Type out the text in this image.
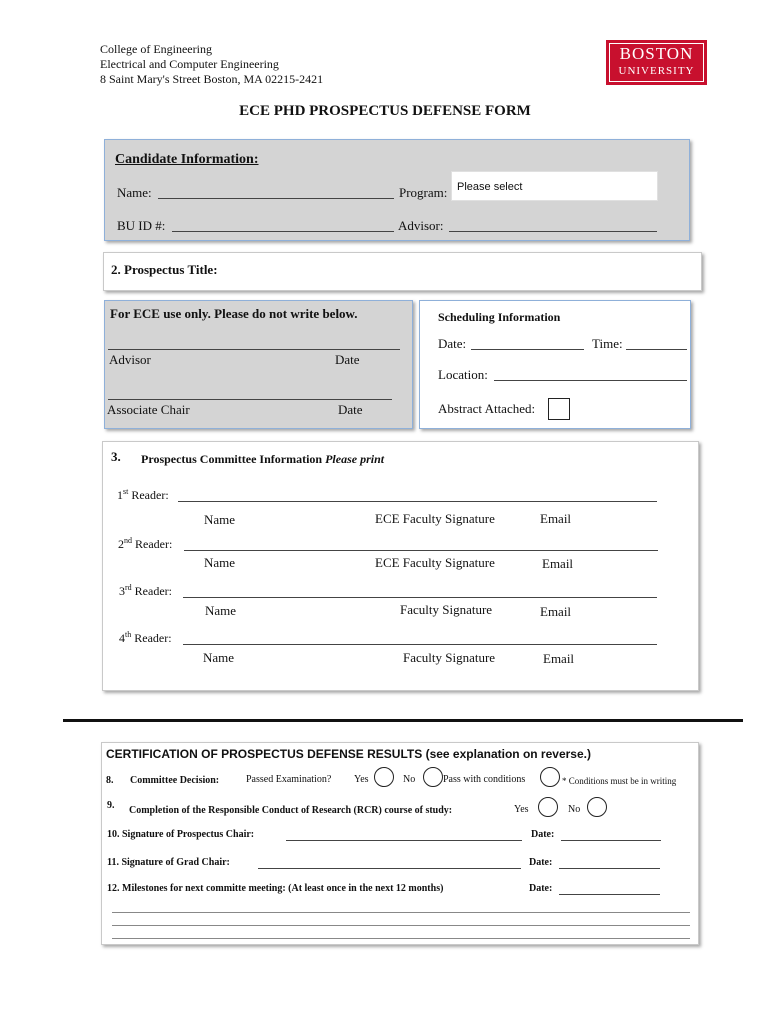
College of Engineering
Electrical and Computer Engineering
8 Saint Mary's Street Boston, MA 02215-2421
BOSTON
UNIVERSITY
ECE PHD PROSPECTUS DEFENSE FORM
Candidate Information:
Name:	Program: Please select
BU ID #:	Advisor:
2. Prospectus Title:
For ECE use only. Please do not write below.
Advisor	Date
Associate Chair	Date
Scheduling Information
Date:	Time:
Location:
Abstract Attached:
3. Prospectus Committee Information Please print
1st Reader:
Name	ECE Faculty Signature	Email
2nd Reader:
Name	ECE Faculty Signature	Email
3rd Reader:
Name	Faculty Signature	Email
4th Reader:
Name	Faculty Signature	Email
CERTIFICATION OF PROSPECTUS DEFENSE RESULTS (see explanation on reverse.)
8. Committee Decision:	Passed Examination? Yes	No	Pass with conditions	* Conditions must be in writing
9. Completion of the Responsible Conduct of Research (RCR) course of study:	Yes	No
10. Signature of Prospectus Chair:	Date:
11. Signature of Grad Chair:	Date:
12. Milestones for next committe meeting: (At least once in the next 12 months)	Date:
